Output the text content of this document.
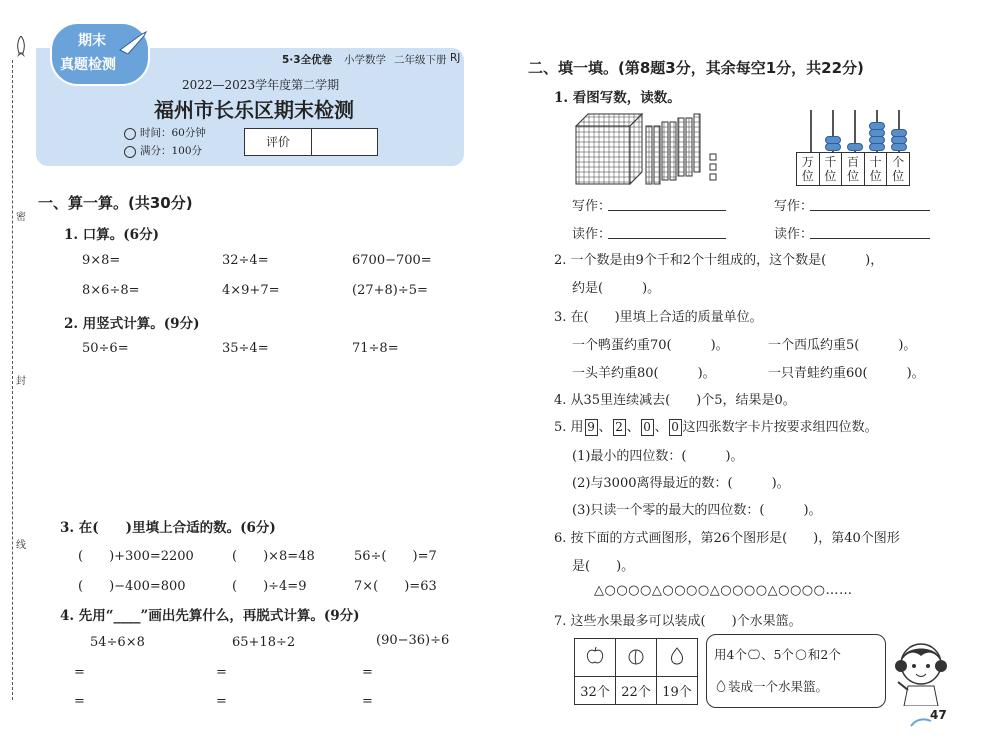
密
封
线
期末
真题检测	5·3全优卷 小学数学 二年级下册 RJ
2022—2023学年度第二学期
福州市长乐区期末检测
时间：60分钟
满分：100分
评价
一、算一算。(共30分)
1. 口算。(6分)
9×8=	32÷4=	6700−700=
8×6÷8=	4×9+7=	(27+8)÷5=
2. 用竖式计算。(9分)
50÷6=	35÷4=	71÷8=
3. 在(　　)里填上合适的数。(6分)
(　　)+300=2200	(　　)×8=48	56÷(　　)=7
(　　)−400=800	(　　)÷4=9	7×(　　)=63
4. 先用“____”画出先算什么，再脱式计算。(9分)
54÷6×8	65+18÷2	(90−36)÷6
=	=	=
=	=	=
二、填一填。(第8题3分，其余每空1分，共22分)
1. 看图写数，读数。
万位
千位
百位
十位
个位
写作：
读作：
写作：
读作：
2. 一个数是由9个千和2个十组成的，这个数是(　　　)，
约是(　　　)。
3. 在(　　)里填上合适的质量单位。
一个鸭蛋约重70(　　　)。	一个西瓜约重5(　　　)。
一头羊约重80(　　　)。	一只青蛙约重60(　　　)。
4. 从35里连续减去(　　)个5，结果是0。
5. 用 9 、 2 、 0 、 0 这四张数字卡片按要求组四位数。
(1)最小的四位数：(　　　)。
(2)与3000离得最近的数：(　　　)。
(3)只读一个零的最大的四位数：(　　　)。
6. 按下面的方式画图形，第26个图形是(　　)，第40个图形
是(　　)。
△○○○○△○○○○△○○○○△○○○○……
7. 这些水果最多可以装成(　　)个水果篮。

32个	22个	19个
用4个 、5个 和2个
装成一个水果篮。
47
